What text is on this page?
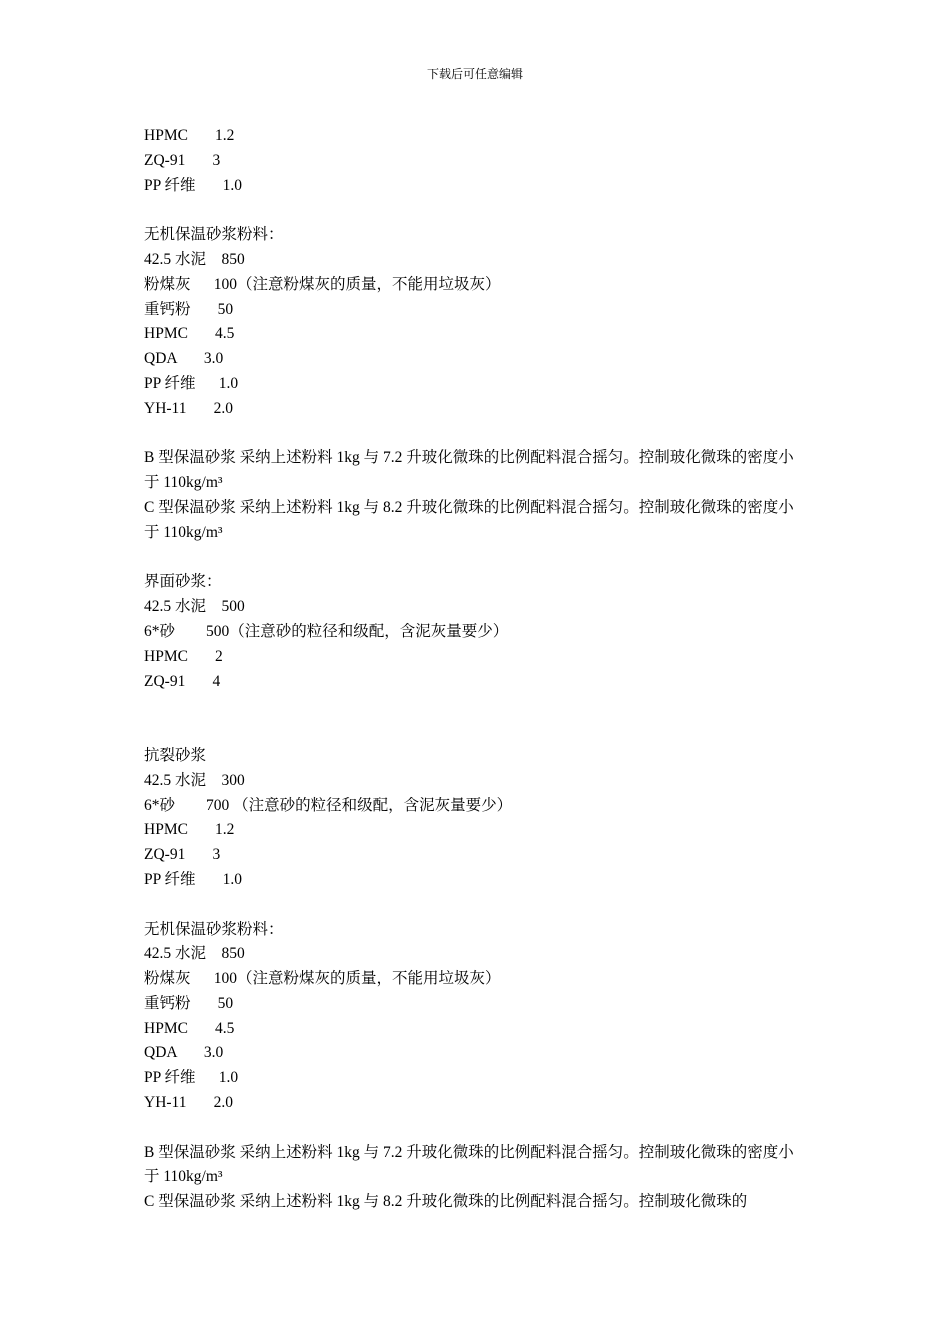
下载后可任意编辑
HPMC       1.2
ZQ-91       3
PP 纤维       1.0
无机保温砂浆粉料：
42.5 水泥    850
粉煤灰      100（注意粉煤灰的质量，不能用垃圾灰）
重钙粉       50
HPMC       4.5
QDA       3.0
PP 纤维      1.0
YH-11       2.0
B 型保温砂浆 采纳上述粉料 1kg 与 7.2 升玻化微珠的比例配料混合摇匀。控制玻化微珠的密度小于 110kg/m³
C 型保温砂浆 采纳上述粉料 1kg 与 8.2 升玻化微珠的比例配料混合摇匀。控制玻化微珠的密度小于 110kg/m³
界面砂浆：
42.5 水泥    500
6*砂        500（注意砂的粒径和级配，含泥灰量要少）
HPMC       2
ZQ-91       4
抗裂砂浆
42.5 水泥    300
6*砂        700 （注意砂的粒径和级配，含泥灰量要少）
HPMC       1.2
ZQ-91       3
PP 纤维       1.0
无机保温砂浆粉料：
42.5 水泥    850
粉煤灰      100（注意粉煤灰的质量，不能用垃圾灰）
重钙粉       50
HPMC       4.5
QDA       3.0
PP 纤维      1.0
YH-11       2.0
B 型保温砂浆 采纳上述粉料 1kg 与 7.2 升玻化微珠的比例配料混合摇匀。控制玻化微珠的密度小于 110kg/m³
C 型保温砂浆 采纳上述粉料 1kg 与 8.2 升玻化微珠的比例配料混合摇匀。控制玻化微珠的
